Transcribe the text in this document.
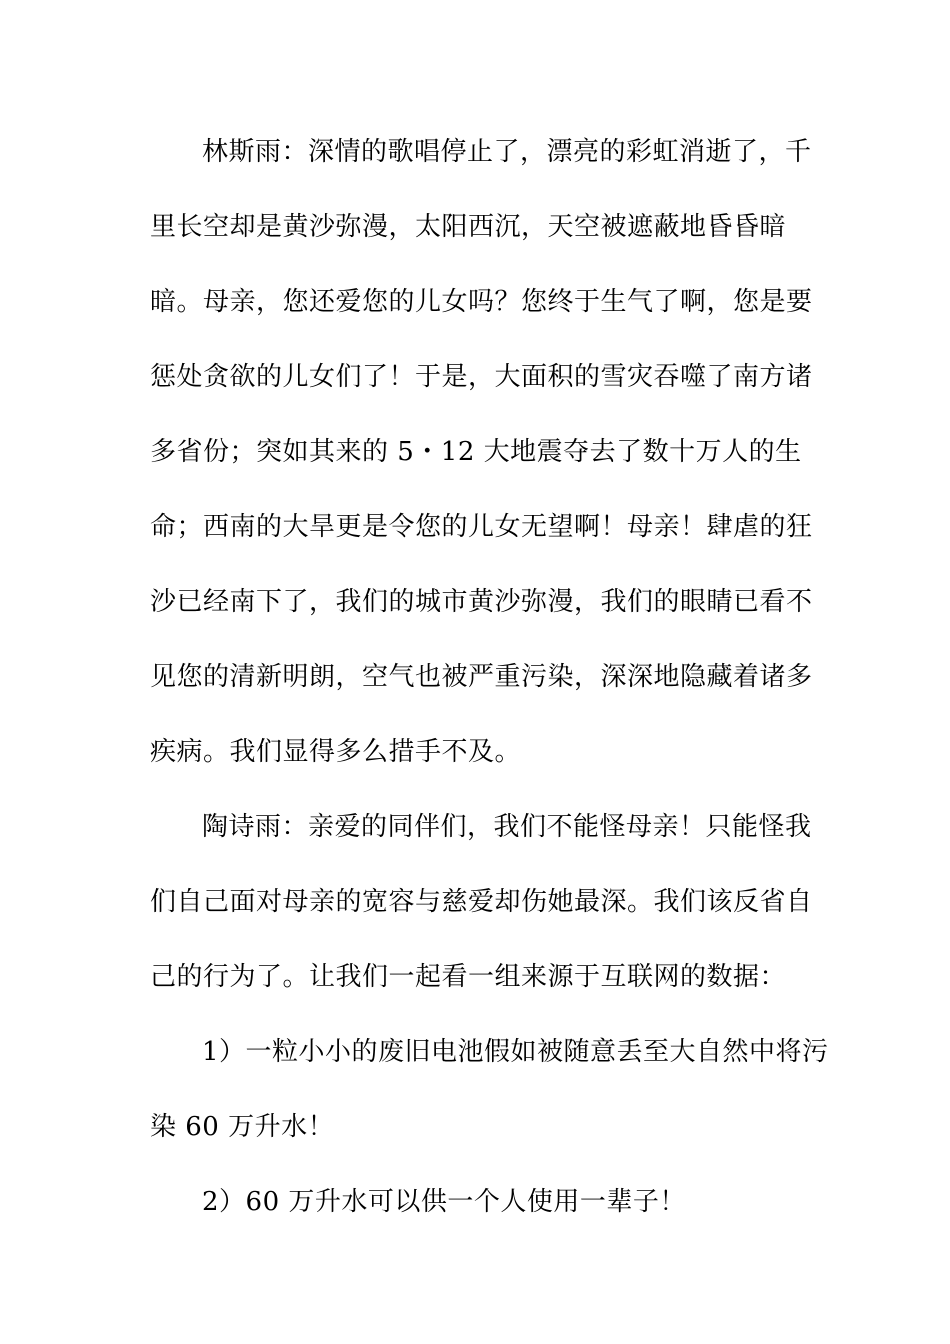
林斯雨：深情的歌唱停止了，漂亮的彩虹消逝了，千
里长空却是黄沙弥漫，太阳西沉，天空被遮蔽地昏昏暗
暗。母亲，您还爱您的儿女吗？您终于生气了啊，您是要
惩处贪欲的儿女们了！于是，大面积的雪灾吞噬了南方诸
多省份；突如其来的 5・12 大地震夺去了数十万人的生
命；西南的大旱更是令您的儿女无望啊！母亲！肆虐的狂
沙已经南下了，我们的城市黄沙弥漫，我们的眼睛已看不
见您的清新明朗，空气也被严重污染，深深地隐藏着诸多
疾病。我们显得多么措手不及。
陶诗雨：亲爱的同伴们，我们不能怪母亲！只能怪我
们自己面对母亲的宽容与慈爱却伤她最深。我们该反省自
己的行为了。让我们一起看一组来源于互联网的数据：
1）一粒小小的废旧电池假如被随意丢至大自然中将污
染 60 万升水！
2）60 万升水可以供一个人使用一辈子！
